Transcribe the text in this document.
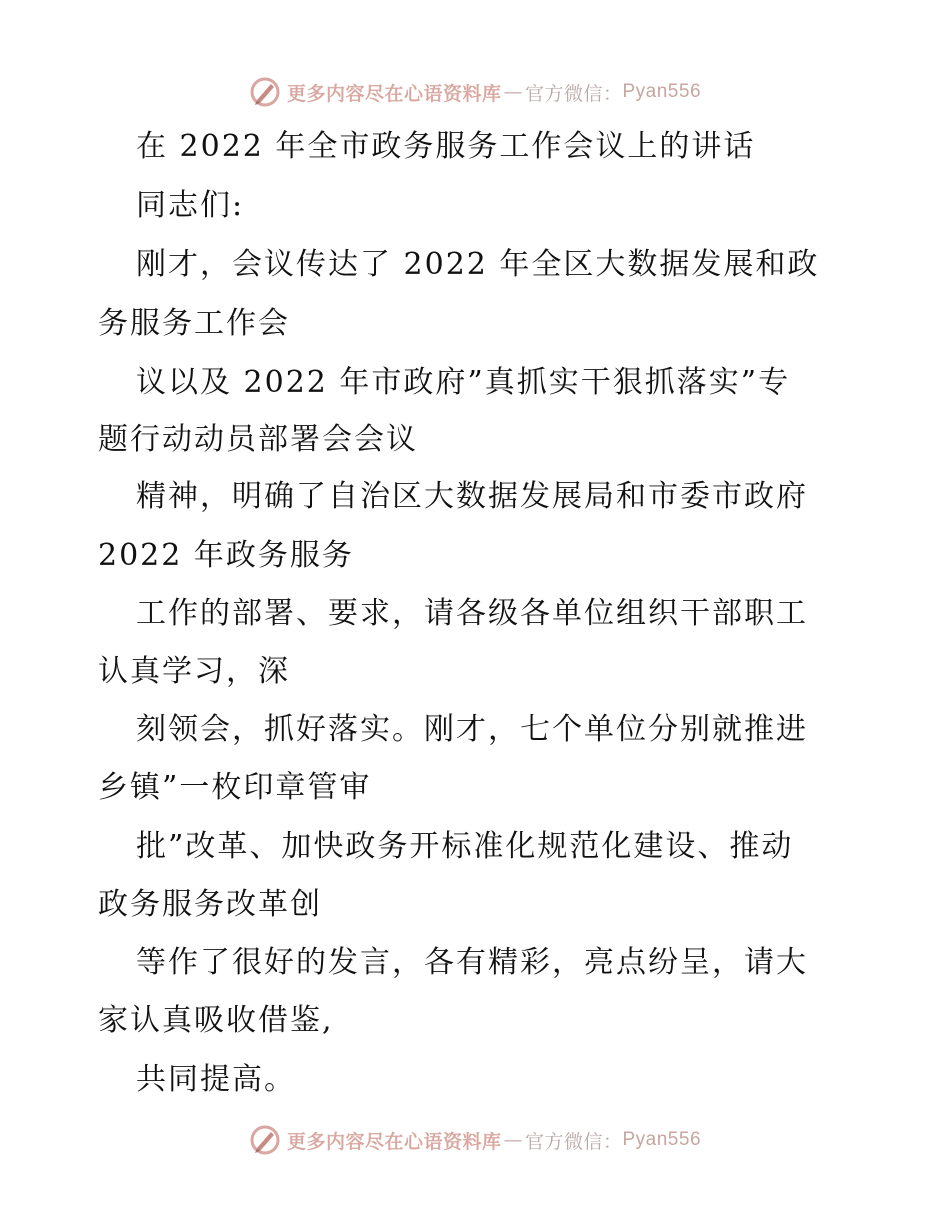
更多内容尽在心语资料库 — 官方微信： Pyan556
在 2022 年全市政务服务工作会议上的讲话
同志们:
刚才，会议传达了 2022 年全区大数据发展和政
务服务工作会
议以及 2022 年市政府”真抓实干狠抓落实”专
题行动动员部署会会议
精神，明确了自治区大数据发展局和市委市政府
2022 年政务服务
工作的部署、要求，请各级各单位组织干部职工
认真学习，深
刻领会，抓好落实。刚才，七个单位分别就推进
乡镇”一枚印章管审
批”改革、加快政务开标准化规范化建设、推动
政务服务改革创
等作了很好的发言，各有精彩，亮点纷呈，请大
家认真吸收借鉴,
共同提高。
更多内容尽在心语资料库 — 官方微信： Pyan556
